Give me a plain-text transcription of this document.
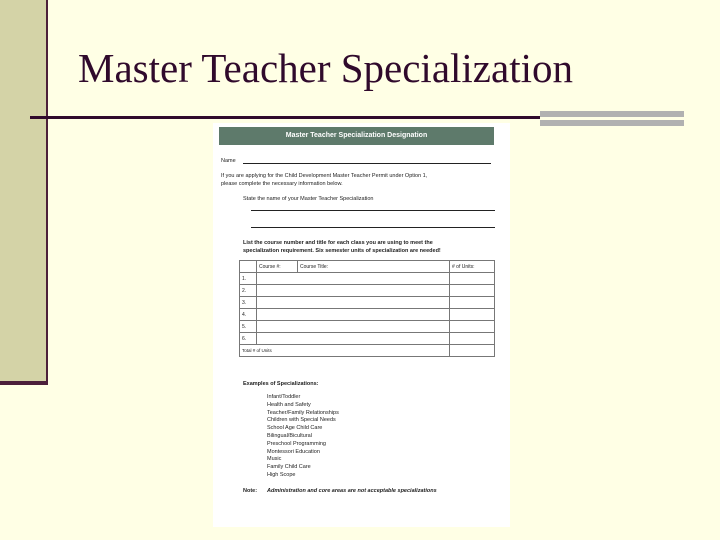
Master Teacher Specialization
Master Teacher Specialization Designation
Name
If you are applying for the Child Development Master Teacher Permit under Option 1,
please complete the necessary information below.
State the name of your Master Teacher Specialization
List the course number and title for each class you are using to meet the
specialization requirement. Six semester units of specialization are needed!
	Course #:	Course Title:	# of Units:
1.			
2.			
3.			
4.			
5.			
6.			
Total # of Units			
Examples of Specializations:
Infant/Toddler
Health and Safety
Teacher/Family Relationships
Children with Special Needs
School Age Child Care
Bilingual/Bicultural
Preschool Programming
Montessori Education
Music
Family Child Care
High Scope
Note: Administration and core areas are not acceptable specializations
